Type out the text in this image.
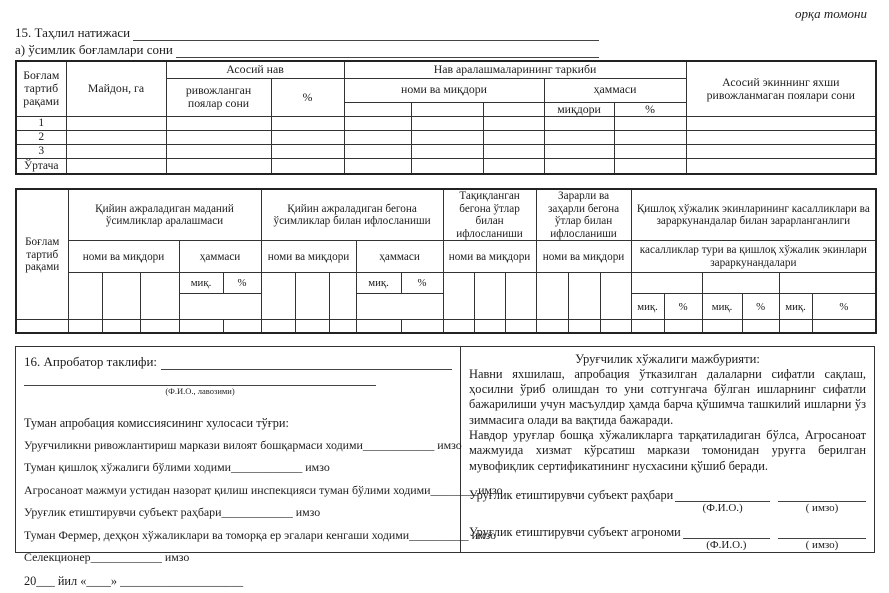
орқа томони
15. Таҳлил натижаси
а) ўсимлик боғламлари сони
Боғлам тартиб рақами	Майдон, га	Асосий нав		Нав аралашмаларининг таркиби					Асосий экиннинг яхши ривожланмаган поялари сони
		ривожланган поялар сони	%	номи ва миқдори			ҳаммаси		
							миқдори	%	
1									
2									
3									
Ўртача									
Боғлам тартиб рақами	Қийин ажраладиган маданий ўсимликлар аралашмаси					Қийин ажраладиган бегона ўсимликлар билан ифлосланиши					Тақиқланган бегона ўтлар билан ифлосланиши			Зарарли ва заҳарли бегона ўтлар билан ифлосланиши			Қишлоқ хўжалик экинларининг касалликлари ва зараркунандалар билан зарарланганлиги					
	номи ва миқдори			ҳаммаси		номи ва миқдори			ҳаммаси		номи ва миқдори			номи ва миқдори			касалликлар тури ва қишлоқ хўжалик экинлари зараркунандалари					
				миқ.	%				миқ.	%												
																	миқ.	%	миқ.	%	миқ.	%

16. Апробатор таклифи:
(Ф.И.О., лавозими)
Туман апробация комиссиясининг хулосаси тўғри:
Уруғчиликни ривожлантириш маркази вилоят бошқармаси ходими____________ имзо
Туман қишлоқ хўжалиги бўлими ходими____________ имзо
Агросаноат мажмуи устидан назорат қилиш инспекцияси туман бўлими ходими________имзо
Уруғлик етиштирувчи субъект раҳбари____________ имзо
Туман Фермер, деҳқон хўжаликлари ва томорқа ер эгалари кенгаши ходими__________ имзо
Селекционер____________ имзо
20___ йил «____» ____________________
Уруғчилик хўжалиги мажбурияти:
Навни яхшилаш, апробация ўтказилган далаларни сифатли сақлаш, ҳосилни ўриб олишдан то уни сотгунгача бўлган ишларнинг сифатли бажарилиши учун масъулдир ҳамда барча қўшимча ташкилий ишларни ўз зиммасига олади ва вақтида бажаради.
Навдор уруғлар бошқа хўжаликларга тарқатиладиган бўлса, Агросаноат мажмуида хизмат кўрсатиш маркази томонидан уруғга берилган мувофиқлик сертификатининг нусхасини қўшиб беради.
Уруғлик етиштирувчи субъект раҳбари
(Ф.И.О.)	( имзо)
Уруғлик етиштирувчи субъект агрономи
(Ф.И.О.)	( имзо)
